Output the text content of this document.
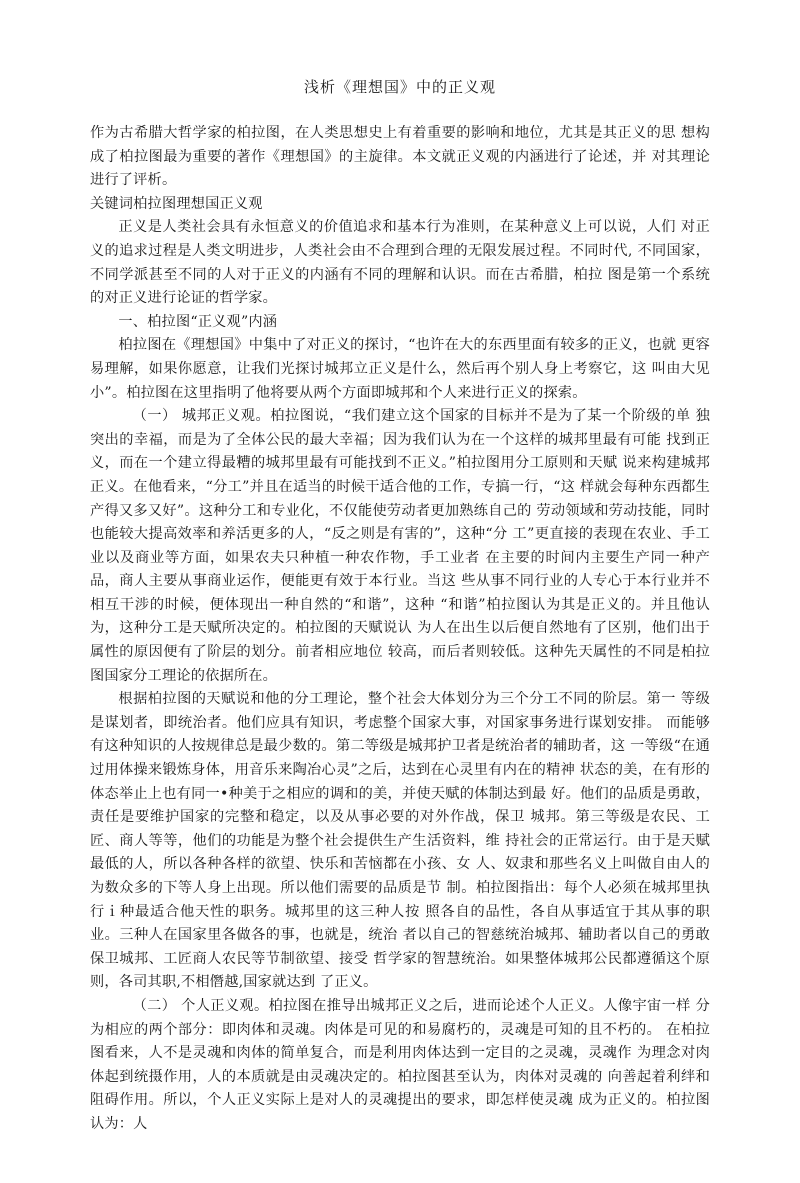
浅析《理想国》中的正义观

作为古希腊大哲学家的柏拉图，在人类思想史上有着重要的影响和地位，尤其是其正义的思 想构成了柏拉图最为重要的著作《理想国》的主旋律。本文就正义观的内涵进行了论述，并 对其理论进行了评析。

关键词柏拉图理想国正义观

正义是人类社会具有永恒意义的价值追求和基本行为准则，在某种意义上可以说，人们 对正义的追求过程是人类文明进步，人类社会由不合理到合理的无限发展过程。不同时代, 不同国家，不同学派甚至不同的人对于正义的内涵有不同的理解和认识。而在古希腊，柏拉 图是第一个系统的对正义进行论证的哲学家。

一、柏拉图“正义观”内涵

柏拉图在《理想国》中集中了对正义的探讨，“也许在大的东西里面有较多的正义，也就 更容易理解，如果你愿意，让我们光探讨城邦立正义是什么，然后再个别人身上考察它，这 叫由大见小”。柏拉图在这里指明了他将要从两个方面即城邦和个人来进行正义的探索。

（一） 城邦正义观。柏拉图说，“我们建立这个国家的目标并不是为了某一个阶级的单 独突出的幸福，而是为了全体公民的最大幸福；因为我们认为在一个这样的城邦里最有可能 找到正义，而在一个建立得最糟的城邦里最有可能找到不正义。”柏拉图用分工原则和天赋 说来构建城邦正义。在他看来，“分工”并且在适当的时候干适合他的工作，专搞一行，“这 样就会每种东西都生产得又多又好”。这种分工和专业化，不仅能使劳动者更加熟练自己的 劳动领域和劳动技能，同时也能较大提高效率和养活更多的人，“反之则是有害的”，这种“分 工”更直接的表现在农业、手工业以及商业等方面，如果农夫只种植一种农作物，手工业者 在主要的时间内主要生产同一种产品，商人主要从事商业运作，便能更有效于本行业。当这 些从事不同行业的人专心于本行业并不相互干涉的时候，便体现出一种自然的“和谐”，这种 “和谐”柏拉图认为其是正义的。并且他认为，这种分工是天赋所决定的。柏拉图的天赋说认 为人在出生以后便自然地有了区别，他们出于属性的原因便有了阶层的划分。前者相应地位 较高，而后者则较低。这种先天属性的不同是柏拉图国家分工理论的依据所在。

根据柏拉图的天赋说和他的分工理论，整个社会大体划分为三个分工不同的阶层。第一 等级是谋划者，即统治者。他们应具有知识，考虑整个国家大事，对国家事务进行谋划安排。 而能够有这种知识的人按规律总是最少数的。第二等级是城邦护卫者是统治者的辅助者，这 一等级“在通过用体操来锻炼身体，用音乐来陶冶心灵”之后，达到在心灵里有内在的精神 状态的美，在有形的体态举止上也有同一•种美于之相应的调和的美，并使天赋的体制达到最 好。他们的品质是勇敢，责任是要维护国家的完整和稳定，以及从事必要的对外作战，保卫 城邦。第三等级是农民、工匠、商人等等，他们的功能是为整个社会提供生产生活资料，维 持社会的正常运行。由于是天赋最低的人，所以各种各样的欲望、快乐和苦恼都在小孩、女 人、奴隶和那些名义上叫做自由人的为数众多的下等人身上出现。所以他们需要的品质是节 制。柏拉图指出：每个人必须在城邦里执行ｉ种最适合他天性的职务。城邦里的这三种人按 照各自的品性，各自从事适宜于其从事的职业。三种人在国家里各做各的事，也就是，统治 者以自己的智慈统治城邦、辅助者以自己的勇敢保卫城邦、工匠商人农民等节制欲望、接受 哲学家的智慧统治。如果整体城邦公民都遵循这个原则，各司其职,不相僭越,国家就达到 了正义。

（二） 个人正义观。柏拉图在推导出城邦正义之后，进而论述个人正义。人像宇宙一样 分为相应的两个部分：即肉体和灵魂。肉体是可见的和易腐朽的，灵魂是可知的且不朽的。 在柏拉图看来，人不是灵魂和肉体的简单复合，而是利用肉体达到一定目的之灵魂，灵魂作 为理念对肉体起到统摄作用，人的本质就是由灵魂决定的。柏拉图甚至认为，肉体对灵魂的 向善起着利绊和阻碍作用。所以，个人正义实际上是对人的灵魂提出的要求，即怎样使灵魂 成为正义的。柏拉图认为：人
